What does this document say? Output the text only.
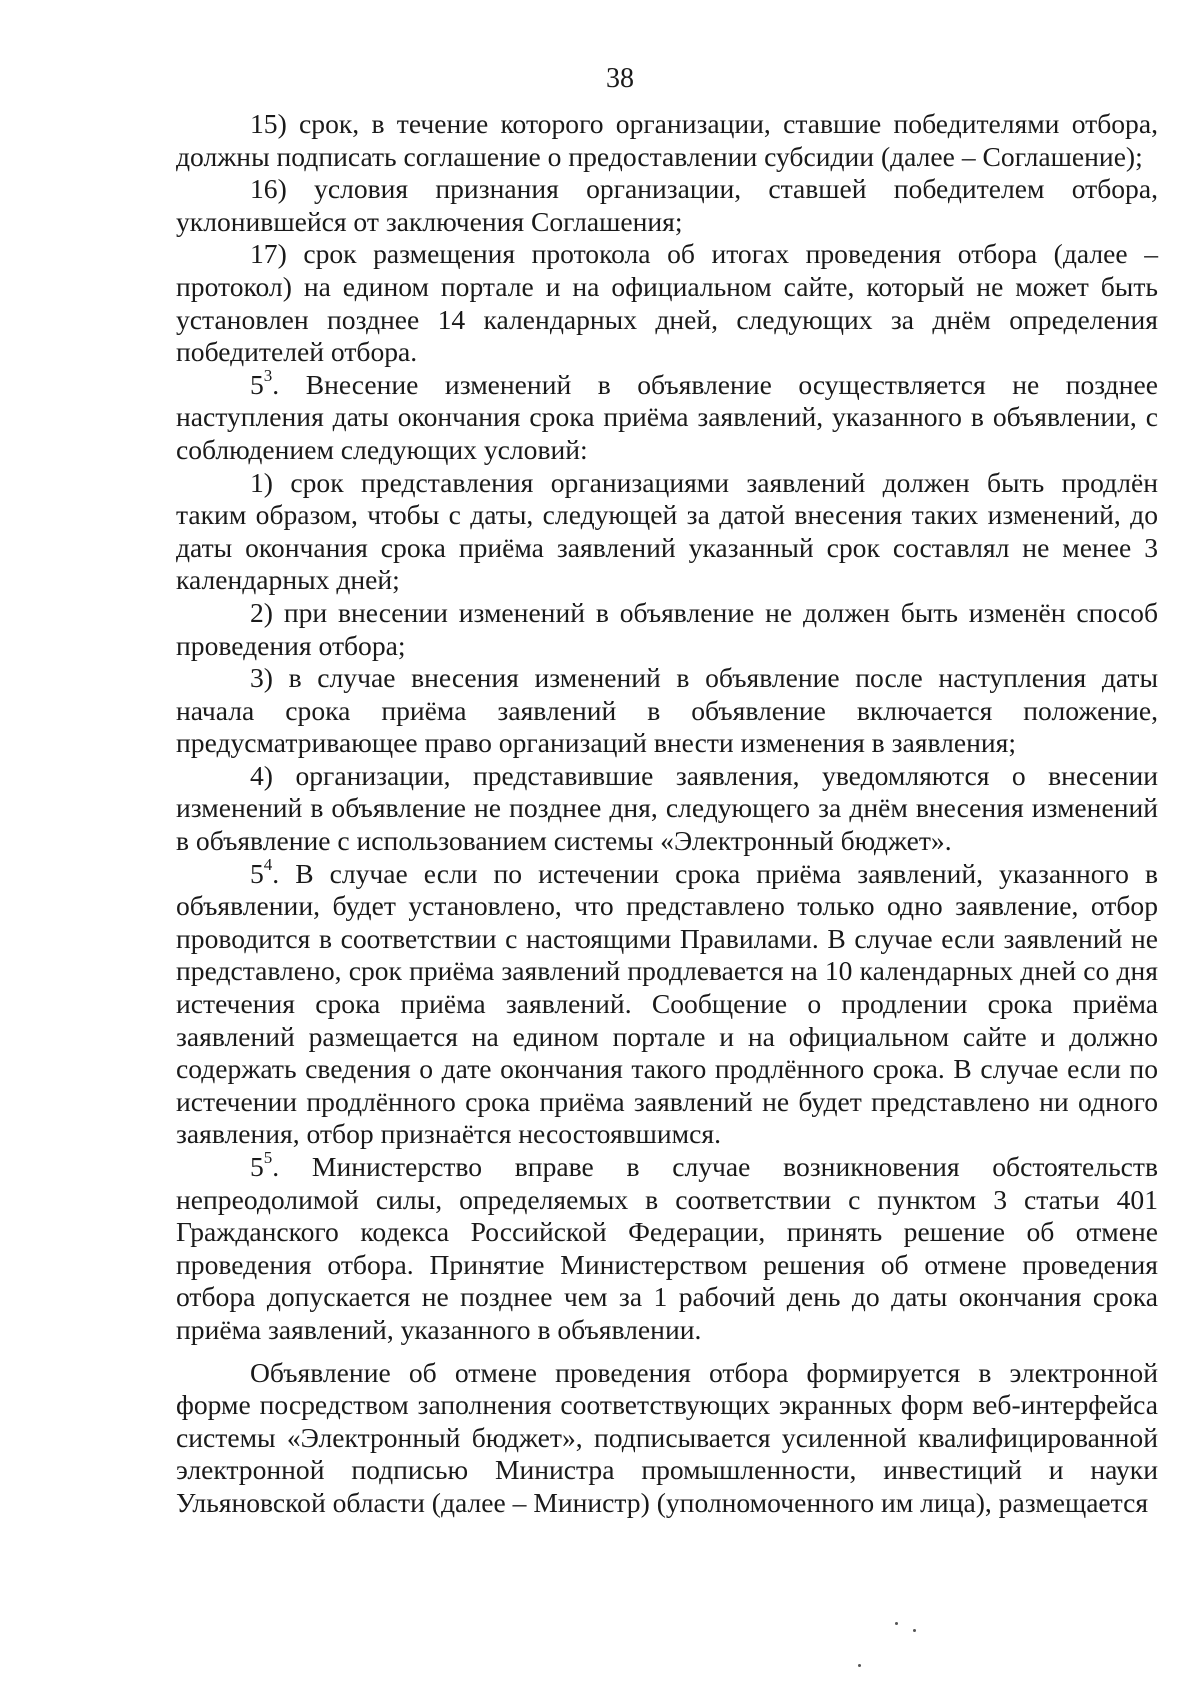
38

15) срок, в течение которого организации, ставшие победителями отбора, должны подписать соглашение о предоставлении субсидии (далее – Соглашение);

16) условия признания организации, ставшей победителем отбора, уклонившейся от заключения Соглашения;

17) срок размещения протокола об итогах проведения отбора (далее – протокол) на едином портале и на официальном сайте, который не может быть установлен позднее 14 календарных дней, следующих за днём определения победителей отбора.

$5^3$. Внесение изменений в объявление осуществляется не позднее наступления даты окончания срока приёма заявлений, указанного в объявлении, с соблюдением следующих условий:

1) срок представления организациями заявлений должен быть продлён таким образом, чтобы с даты, следующей за датой внесения таких изменений, до даты окончания срока приёма заявлений указанный срок составлял не менее 3 календарных дней;

2) при внесении изменений в объявление не должен быть изменён способ проведения отбора;

3) в случае внесения изменений в объявление после наступления даты начала срока приёма заявлений в объявление включается положение, предусматривающее право организаций внести изменения в заявления;

4) организации, представившие заявления, уведомляются о внесении изменений в объявление не позднее дня, следующего за днём внесения изменений в объявление с использованием системы «Электронный бюджет».

$5^4$. В случае если по истечении срока приёма заявлений, указанного в объявлении, будет установлено, что представлено только одно заявление, отбор проводится в соответствии с настоящими Правилами. В случае если заявлений не представлено, срок приёма заявлений продлевается на 10 календарных дней со дня истечения срока приёма заявлений. Сообщение о продлении срока приёма заявлений размещается на едином портале и на официальном сайте и должно содержать сведения о дате окончания такого продлённого срока. В случае если по истечении продлённого срока приёма заявлений не будет представлено ни одного заявления, отбор признаётся несостоявшимся.

$5^5$. Министерство вправе в случае возникновения обстоятельств непреодолимой силы, определяемых в соответствии с пунктом 3 статьи 401 Гражданского кодекса Российской Федерации, принять решение об отмене проведения отбора. Принятие Министерством решения об отмене проведения отбора допускается не позднее чем за 1 рабочий день до даты окончания срока приёма заявлений, указанного в объявлении.

Объявление об отмене проведения отбора формируется в электронной форме посредством заполнения соответствующих экранных форм веб-интерфейса системы «Электронный бюджет», подписывается усиленной квалифицированной электронной подписью Министра промышленности, инвестиций и науки Ульяновской области (далее – Министр) (уполномоченного им лица), размещается
